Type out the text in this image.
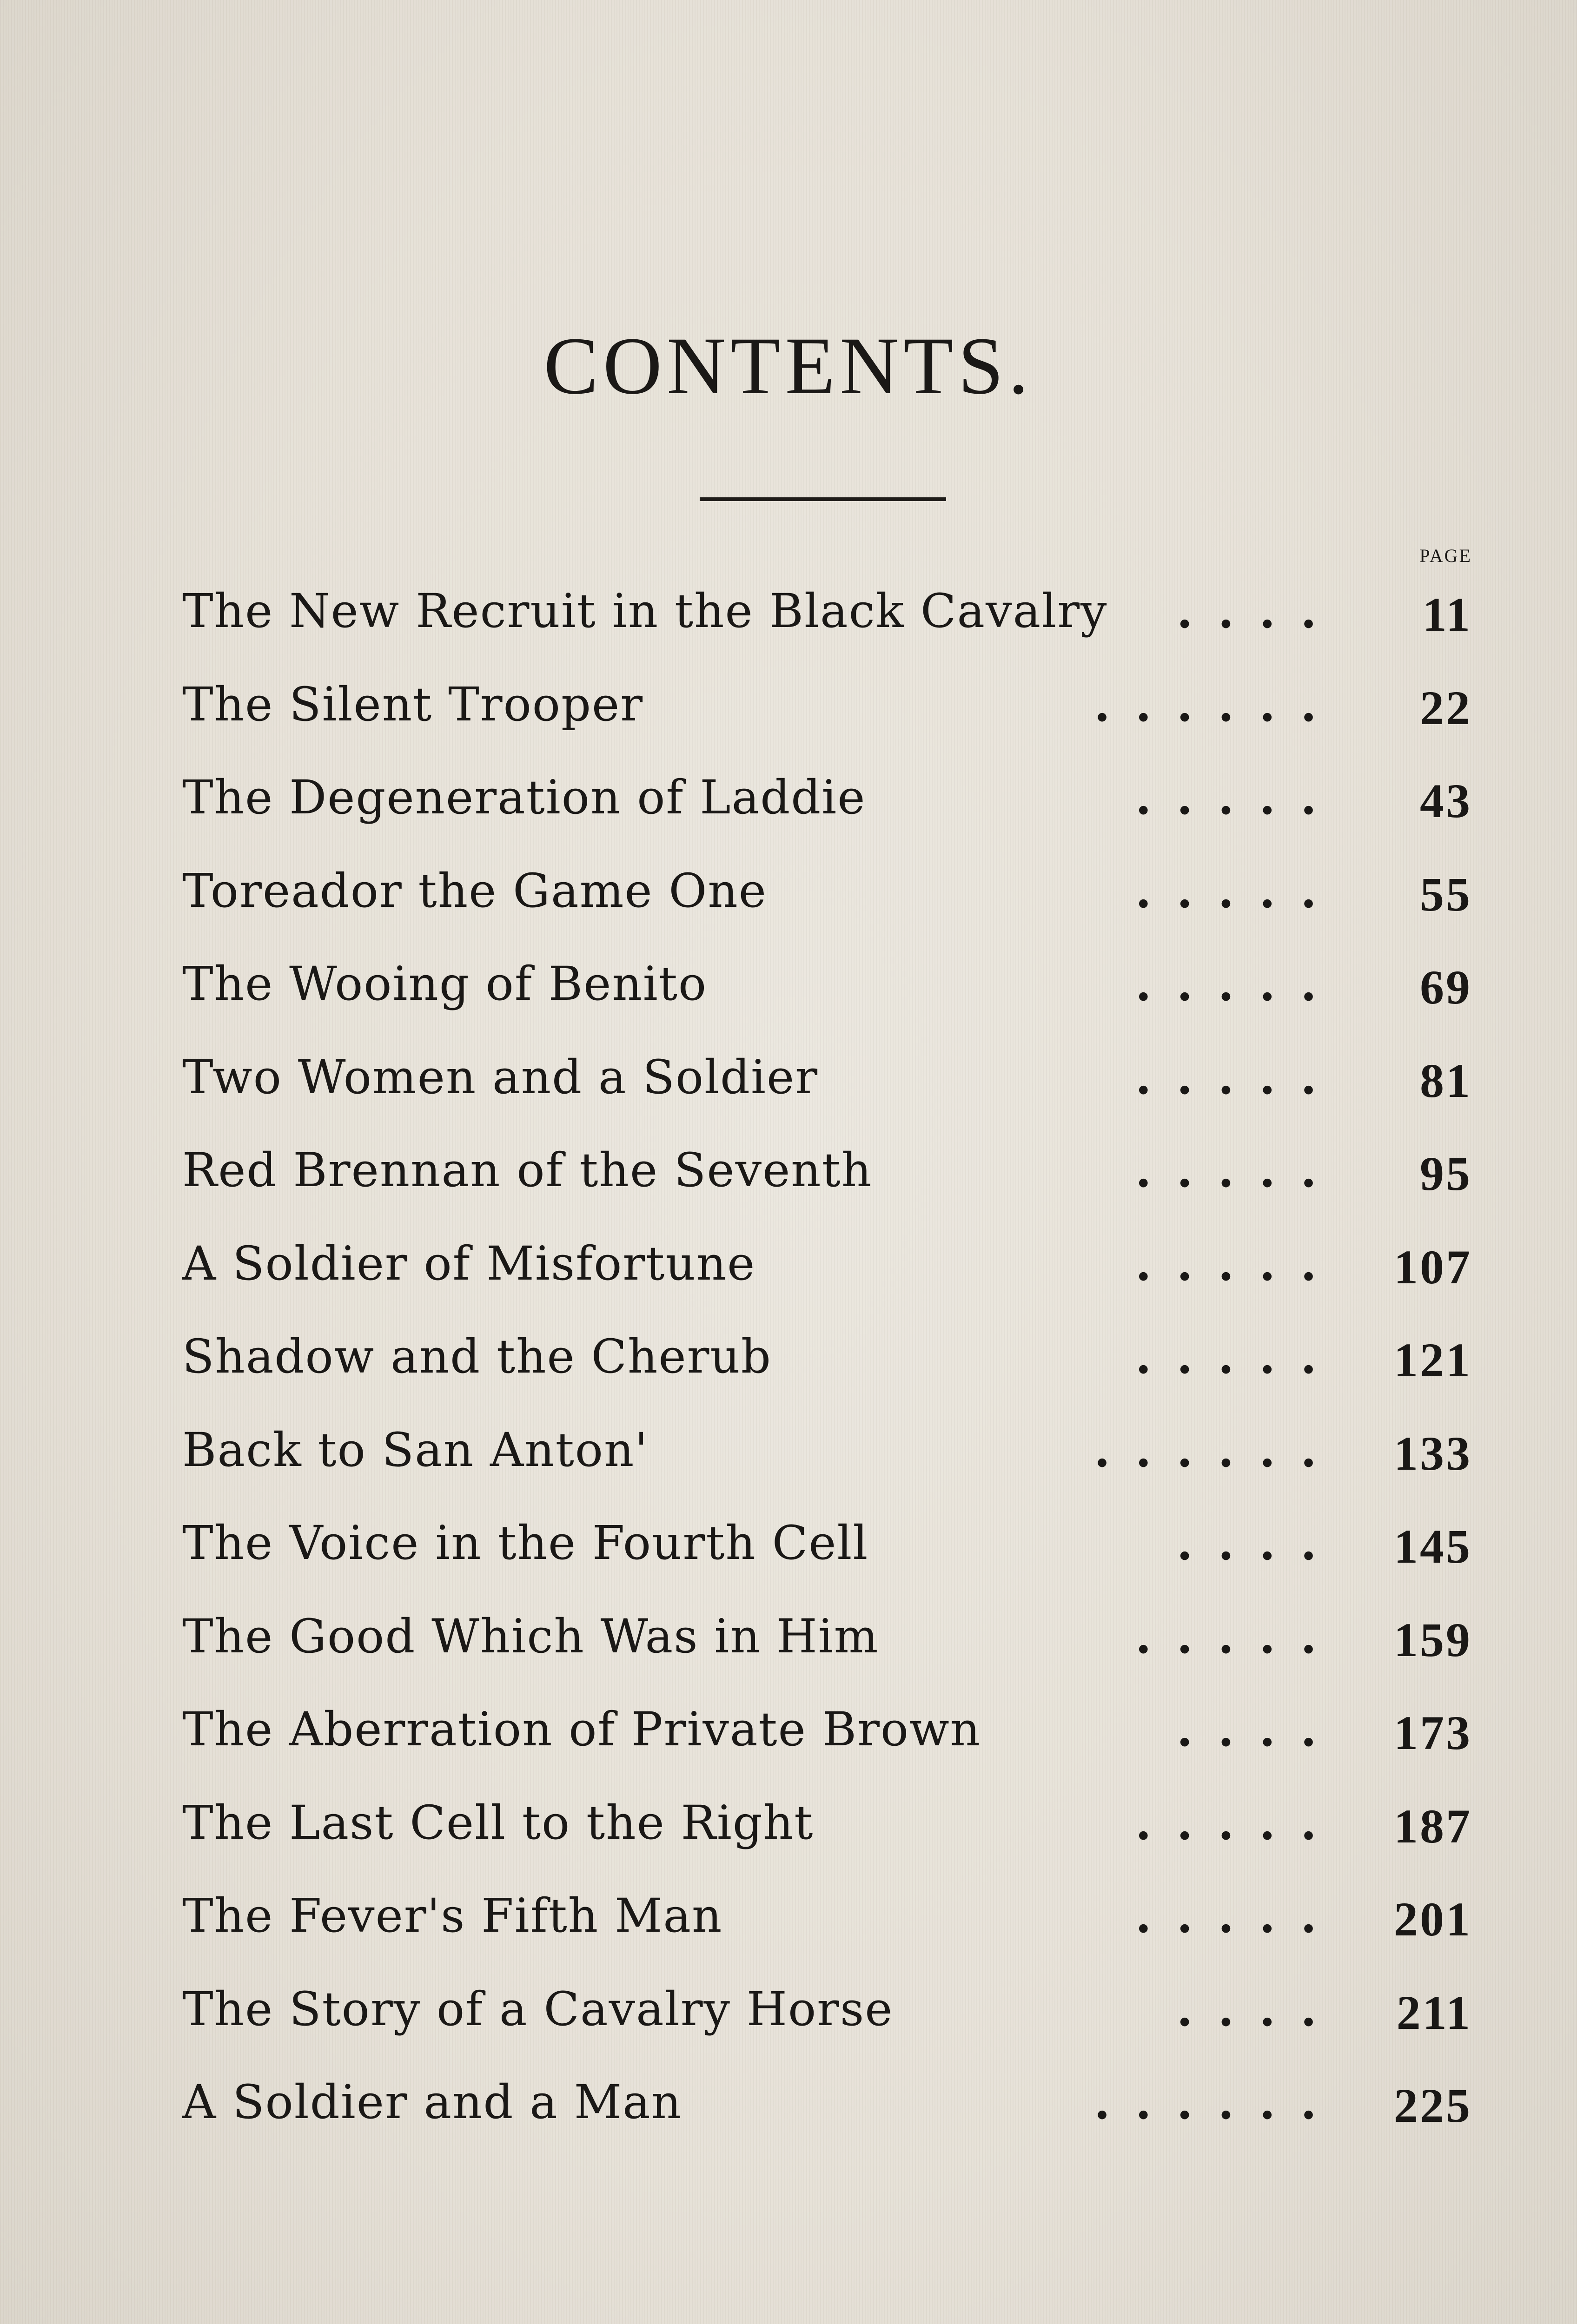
CONTENTS.
PAGE
The New Recruit in the Black Cavalry .... 11
The Silent Trooper	...... 22
The Degeneration of Laddie	..... 43
Toreador the Game One	..... 55
The Wooing of Benito	..... 69
Two Women and a Soldier	..... 81
Red Brennan of the Seventh	..... 95
A Soldier of Misfortune	..... 107
Shadow and the Cherub	..... 121
Back to San Anton'	...... 133
The Voice in the Fourth Cell	.... 145
The Good Which Was in Him	..... 159
The Aberration of Private Brown	.... 173
The Last Cell to the Right	..... 187
The Fever's Fifth Man	..... 201
The Story of a Cavalry Horse	.... 211
A Soldier and a Man	...... 225
